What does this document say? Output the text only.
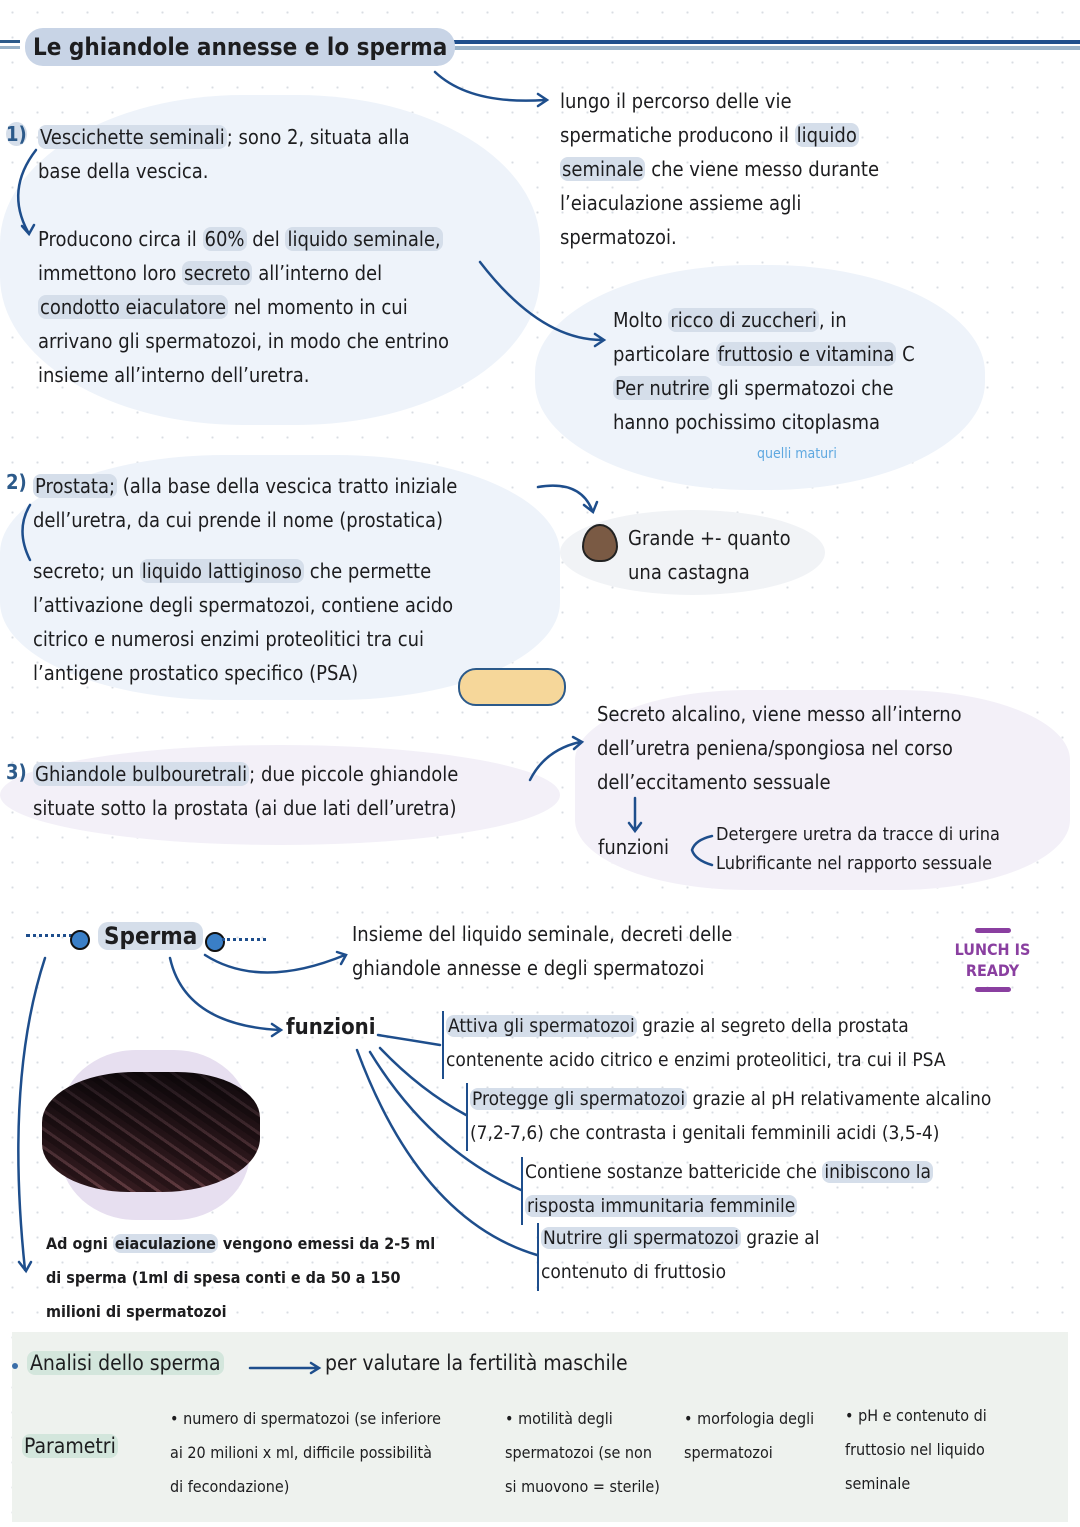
Le ghiandole annesse e lo sperma
1)
2)
3)
lungo il percorso delle vie
spermatiche producono il liquido
seminale che viene messo durante
l’eiaculazione assieme agli
spermatozoi.
Vescichette seminali ; sono 2, situata alla
base della vescica.
Producono circa il 60% del liquido seminale,
immettono loro secreto all’interno del
condotto eiaculatore nel momento in cui
arrivano gli spermatozoi, in modo che entrino
insieme all’interno dell’uretra.
Molto ricco di zuccheri , in
particolare fruttosio e vitamina C
Per nutrire gli spermatozoi che
hanno pochissimo citoplasma
quelli maturi
Prostata; (alla base della vescica tratto iniziale
dell’uretra, da cui prende il nome (prostatica)
secreto; un liquido lattiginoso che permette
l’attivazione degli spermatozoi, contiene acido
citrico e numerosi enzimi proteolitici tra cui
l’antigene prostatico specifico (PSA)
Grande +- quanto
una castagna
Secreto alcalino, viene messo all’interno
dell’uretra peniena/spongiosa nel corso
dell’eccitamento sessuale
Ghiandole bulbouretrali ; due piccole ghiandole
situate sotto la prostata (ai due lati dell’uretra)
funzioni
Detergere uretra da tracce di urina
Lubrificante nel rapporto sessuale
Sperma	Insieme del liquido seminale, decreti delle
ghiandole annesse e degli spermatozoi
LUNCH IS
READY
funzioni	Attiva gli spermatozoi grazie al segreto della prostata
contenente acido citrico e enzimi proteolitici, tra cui il PSA
Protegge gli spermatozoi grazie al pH relativamente alcalino
(7,2-7,6) che contrasta i genitali femminili acidi (3,5-4)
Contiene sostanze battericide che inibiscono la
risposta immunitaria femminile
Nutrire gli spermatozoi grazie al
contenuto di fruttosio
Ad ogni eiaculazione vengono emessi da 2-5 ml
di sperma (1ml di spesa conti e da 50 a 150
milioni di spermatozoi
Analisi dello sperma	per valutare la fertilità maschile
Parametri
• numero di spermatozoi (se inferiore
ai 20 milioni x ml, difficile possibilità
di fecondazione)
• motilità degli
spermatozoi (se non
si muovono = sterile)
• morfologia degli
spermatozoi
• pH e contenuto di
fruttosio nel liquido
seminale
